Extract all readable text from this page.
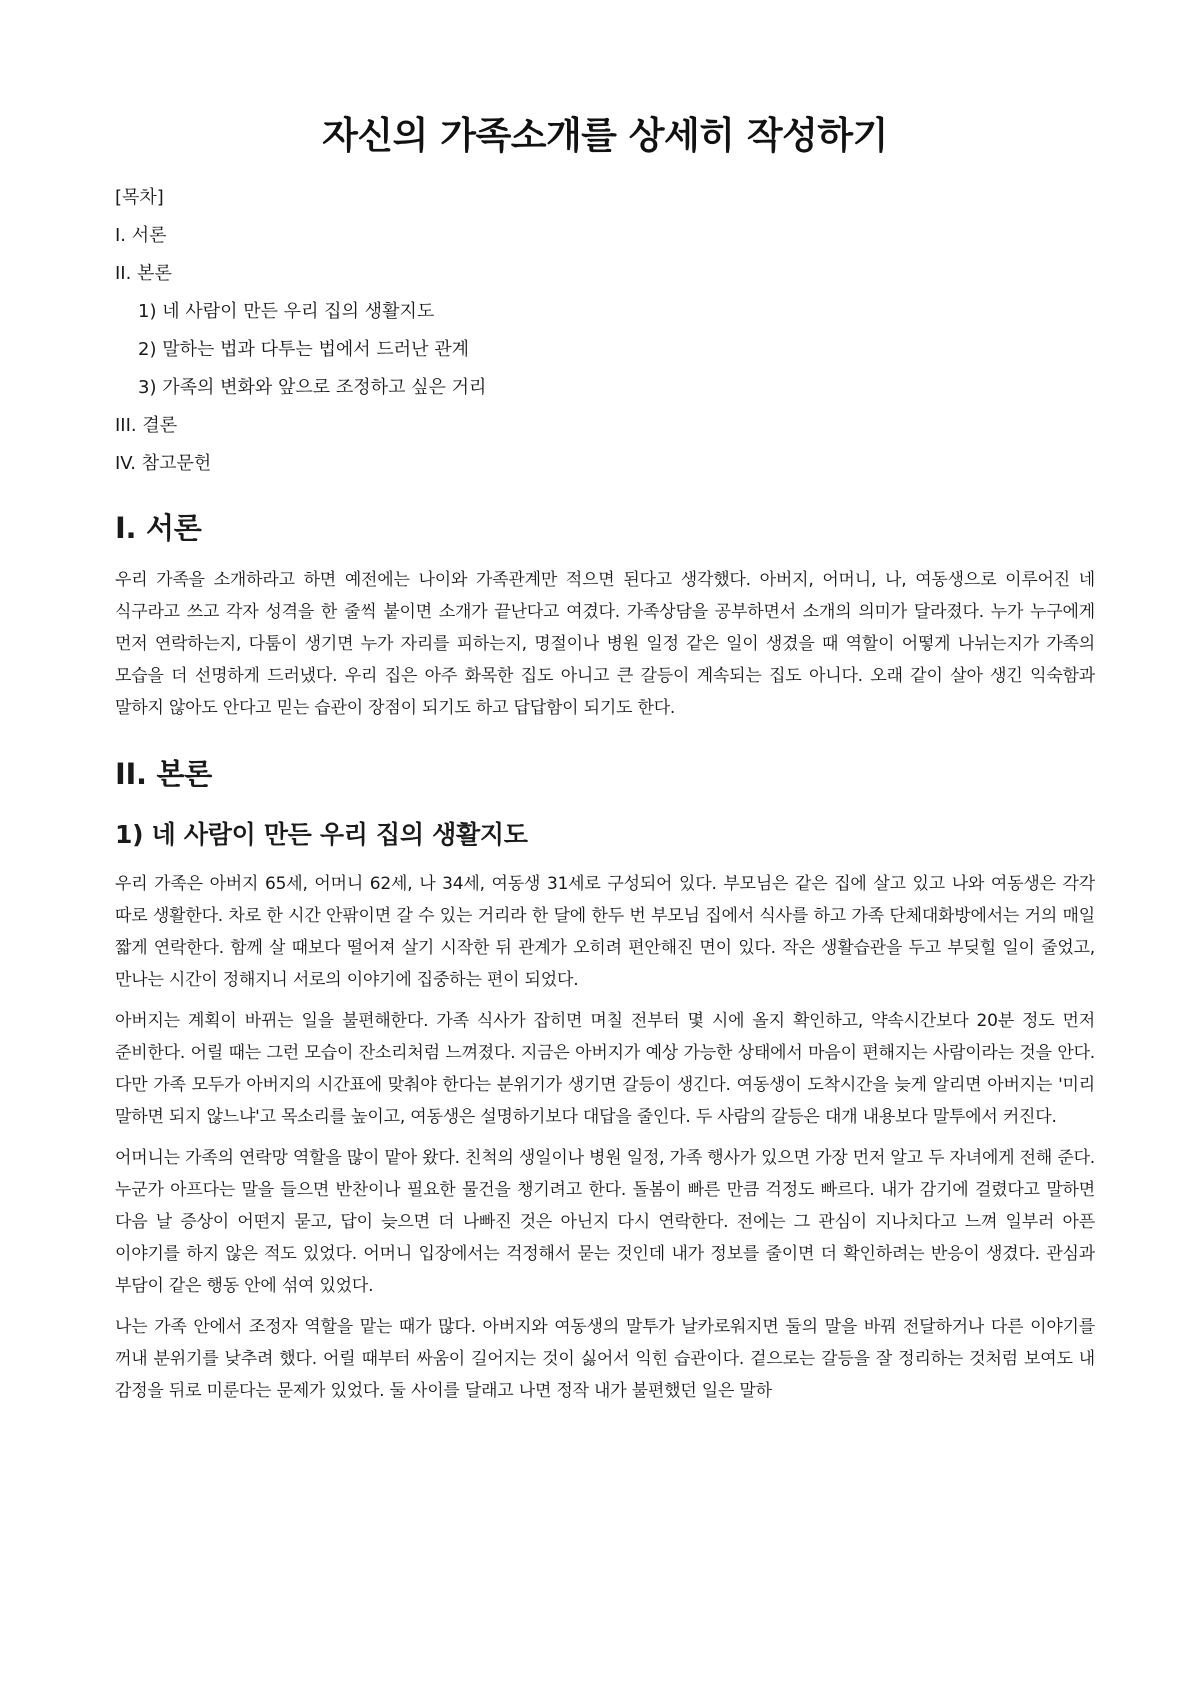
자신의 가족소개를 상세히 작성하기
[목차]
I. 서론
II. 본론
1) 네 사람이 만든 우리 집의 생활지도
2) 말하는 법과 다투는 법에서 드러난 관계
3) 가족의 변화와 앞으로 조정하고 싶은 거리
III. 결론
IV. 참고문헌
I. 서론

우리 가족을 소개하라고 하면 예전에는 나이와 가족관계만 적으면 된다고 생각했다. 아버지, 어머니, 나, 여동생으로 이루어진 네 식구라고 쓰고 각자 성격을 한 줄씩 붙이면 소개가 끝난다고 여겼다. 가족상담을 공부하면서 소개의 의미가 달라졌다. 누가 누구에게 먼저 연락하는지, 다툼이 생기면 누가 자리를 피하는지, 명절이나 병원 일정 같은 일이 생겼을 때 역할이 어떻게 나뉘는지가 가족의 모습을 더 선명하게 드러냈다. 우리 집은 아주 화목한 집도 아니고 큰 갈등이 계속되는 집도 아니다. 오래 같이 살아 생긴 익숙함과 말하지 않아도 안다고 믿는 습관이 장점이 되기도 하고 답답함이 되기도 한다.

II. 본론
1) 네 사람이 만든 우리 집의 생활지도

우리 가족은 아버지 65세, 어머니 62세, 나 34세, 여동생 31세로 구성되어 있다. 부모님은 같은 집에 살고 있고 나와 여동생은 각각 따로 생활한다. 차로 한 시간 안팎이면 갈 수 있는 거리라 한 달에 한두 번 부모님 집에서 식사를 하고 가족 단체대화방에서는 거의 매일 짧게 연락한다. 함께 살 때보다 떨어져 살기 시작한 뒤 관계가 오히려 편안해진 면이 있다. 작은 생활습관을 두고 부딪힐 일이 줄었고, 만나는 시간이 정해지니 서로의 이야기에 집중하는 편이 되었다.

아버지는 계획이 바뀌는 일을 불편해한다. 가족 식사가 잡히면 며칠 전부터 몇 시에 올지 확인하고, 약속시간보다 20분 정도 먼저 준비한다. 어릴 때는 그런 모습이 잔소리처럼 느껴졌다. 지금은 아버지가 예상 가능한 상태에서 마음이 편해지는 사람이라는 것을 안다. 다만 가족 모두가 아버지의 시간표에 맞춰야 한다는 분위기가 생기면 갈등이 생긴다. 여동생이 도착시간을 늦게 알리면 아버지는 '미리 말하면 되지 않느냐'고 목소리를 높이고, 여동생은 설명하기보다 대답을 줄인다. 두 사람의 갈등은 대개 내용보다 말투에서 커진다.

어머니는 가족의 연락망 역할을 많이 맡아 왔다. 친척의 생일이나 병원 일정, 가족 행사가 있으면 가장 먼저 알고 두 자녀에게 전해 준다. 누군가 아프다는 말을 들으면 반찬이나 필요한 물건을 챙기려고 한다. 돌봄이 빠른 만큼 걱정도 빠르다. 내가 감기에 걸렸다고 말하면 다음 날 증상이 어떤지 묻고, 답이 늦으면 더 나빠진 것은 아닌지 다시 연락한다. 전에는 그 관심이 지나치다고 느껴 일부러 아픈 이야기를 하지 않은 적도 있었다. 어머니 입장에서는 걱정해서 묻는 것인데 내가 정보를 줄이면 더 확인하려는 반응이 생겼다. 관심과 부담이 같은 행동 안에 섞여 있었다.

나는 가족 안에서 조정자 역할을 맡는 때가 많다. 아버지와 여동생의 말투가 날카로워지면 둘의 말을 바꿔 전달하거나 다른 이야기를 꺼내 분위기를 낮추려 했다. 어릴 때부터 싸움이 길어지는 것이 싫어서 익힌 습관이다. 겉으로는 갈등을 잘 정리하는 것처럼 보여도 내 감정을 뒤로 미룬다는 문제가 있었다. 둘 사이를 달래고 나면 정작 내가 불편했던 일은 말하
